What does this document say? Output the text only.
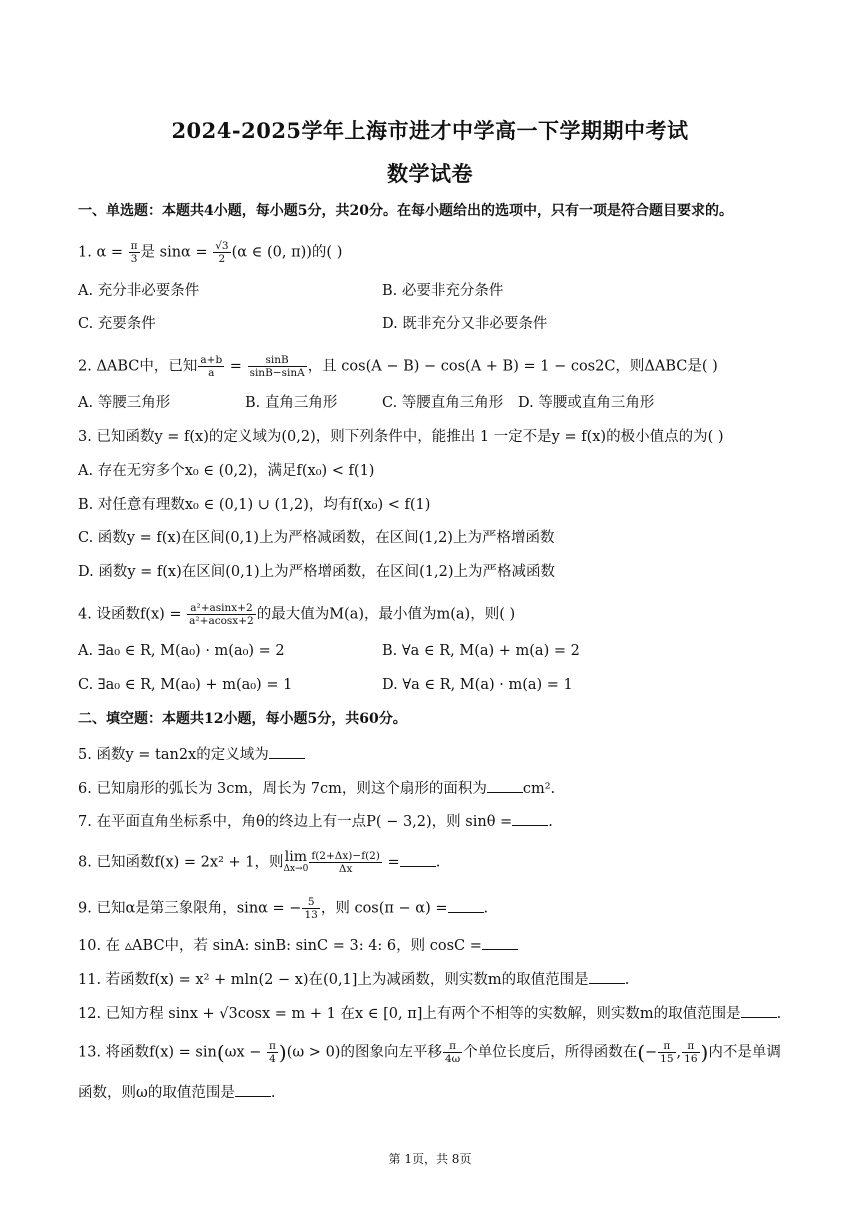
2024-2025学年上海市进才中学高一下学期期中考试
数学试卷
一、单选题：本题共4小题，每小题5分，共20分。在每小题给出的选项中，只有一项是符合题目要求的。
1. $\alpha = \frac{\pi}{3}$ 是 $\sin\alpha = \frac{√3}{2} (\alpha$ ∈ (0, π))的( )
A. 充分非必要条件	B. 必要非充分条件
C. 充要条件	D. 既非充分又非必要条件
2. ΔABC中，已知 $\frac{a+b}{a} = \frac{\sin B}{\sin B-\sin A}$ ，且 cos(A − B) − cos(A + B) = 1 − cos2C，则ΔABC是( )
A. 等腰三角形	B. 直角三角形	C. 等腰直角三角形 D. 等腰或直角三角形
3. 已知函数y = f(x)的定义域为(0,2)，则下列条件中，能推出 1 一定不是y = f(x)的极小值点的为( )
A. 存在无穷多个x₀ ∈ (0,2)，满足f(x₀) < f(1)
B. 对任意有理数x₀ ∈ (0,1) ∪ (1,2)，均有f(x₀) < f(1)
C. 函数y = f(x)在区间(0,1)上为严格减函数，在区间(1,2)上为严格增函数
D. 函数y = f(x)在区间(0,1)上为严格增函数，在区间(1,2)上为严格减函数
4. 设函数$f(x) = \frac{\text{a²+asinx+2}}{\text{a²+acosx+2}}$ 的最大值为M(a)，最小值为m(a)，则( )
A. ∃a₀ ∈ R, M(a₀) · m(a₀) = 2	B. ∀a ∈ R, M(a) + m(a) = 2
C. ∃a₀ ∈ R, M(a₀) + m(a₀) = 1	D. ∀a ∈ R, M(a) · m(a) = 1
二、填空题：本题共12小题，每小题5分，共60分。
5. 函数y = tan2x的定义域为
6. 已知扇形的弧长为 3cm，周长为 7cm，则这个扇形的面积为 cm².
7. 在平面直角坐标系中，角θ的终边上有一点P( − 3,2)，则 sinθ = .
8. 已知函数f(x) = 2x² + 1，则 lim
$\Delta x\to 0 \frac{f(2+\Delta x)-f(2)}{\Delta x}$ = .
9. 已知α是第三象限角，sinα = − $\frac{5}{13}$ ，则 cos(π − α) = .
10. 在 ▵ABC中，若 sinA: sinB: sinC = 3: 4: 6，则 cosC =
11. 若函数f(x) = x² + mln(2 − x)在(0,1]上为减函数，则实数m的取值范围是 .
12. 已知方程 sinx + √3cosx = m + 1 在x ∈ [0, π]上有两个不相等的实数解，则实数m的取值范围是 .
13. 将函数$f(x) = \sin(\omega x - \frac{\pi}{4} )(\omega > 0)$的图象向左平移 $\frac{\pi}{4\omega}$ 个单位长度后，所得函数在(− $\frac{\pi}{15}$ , $\frac{\pi}{16}$ )内不是单调
函数，则ω的取值范围是 .
第 1页，共 8页
